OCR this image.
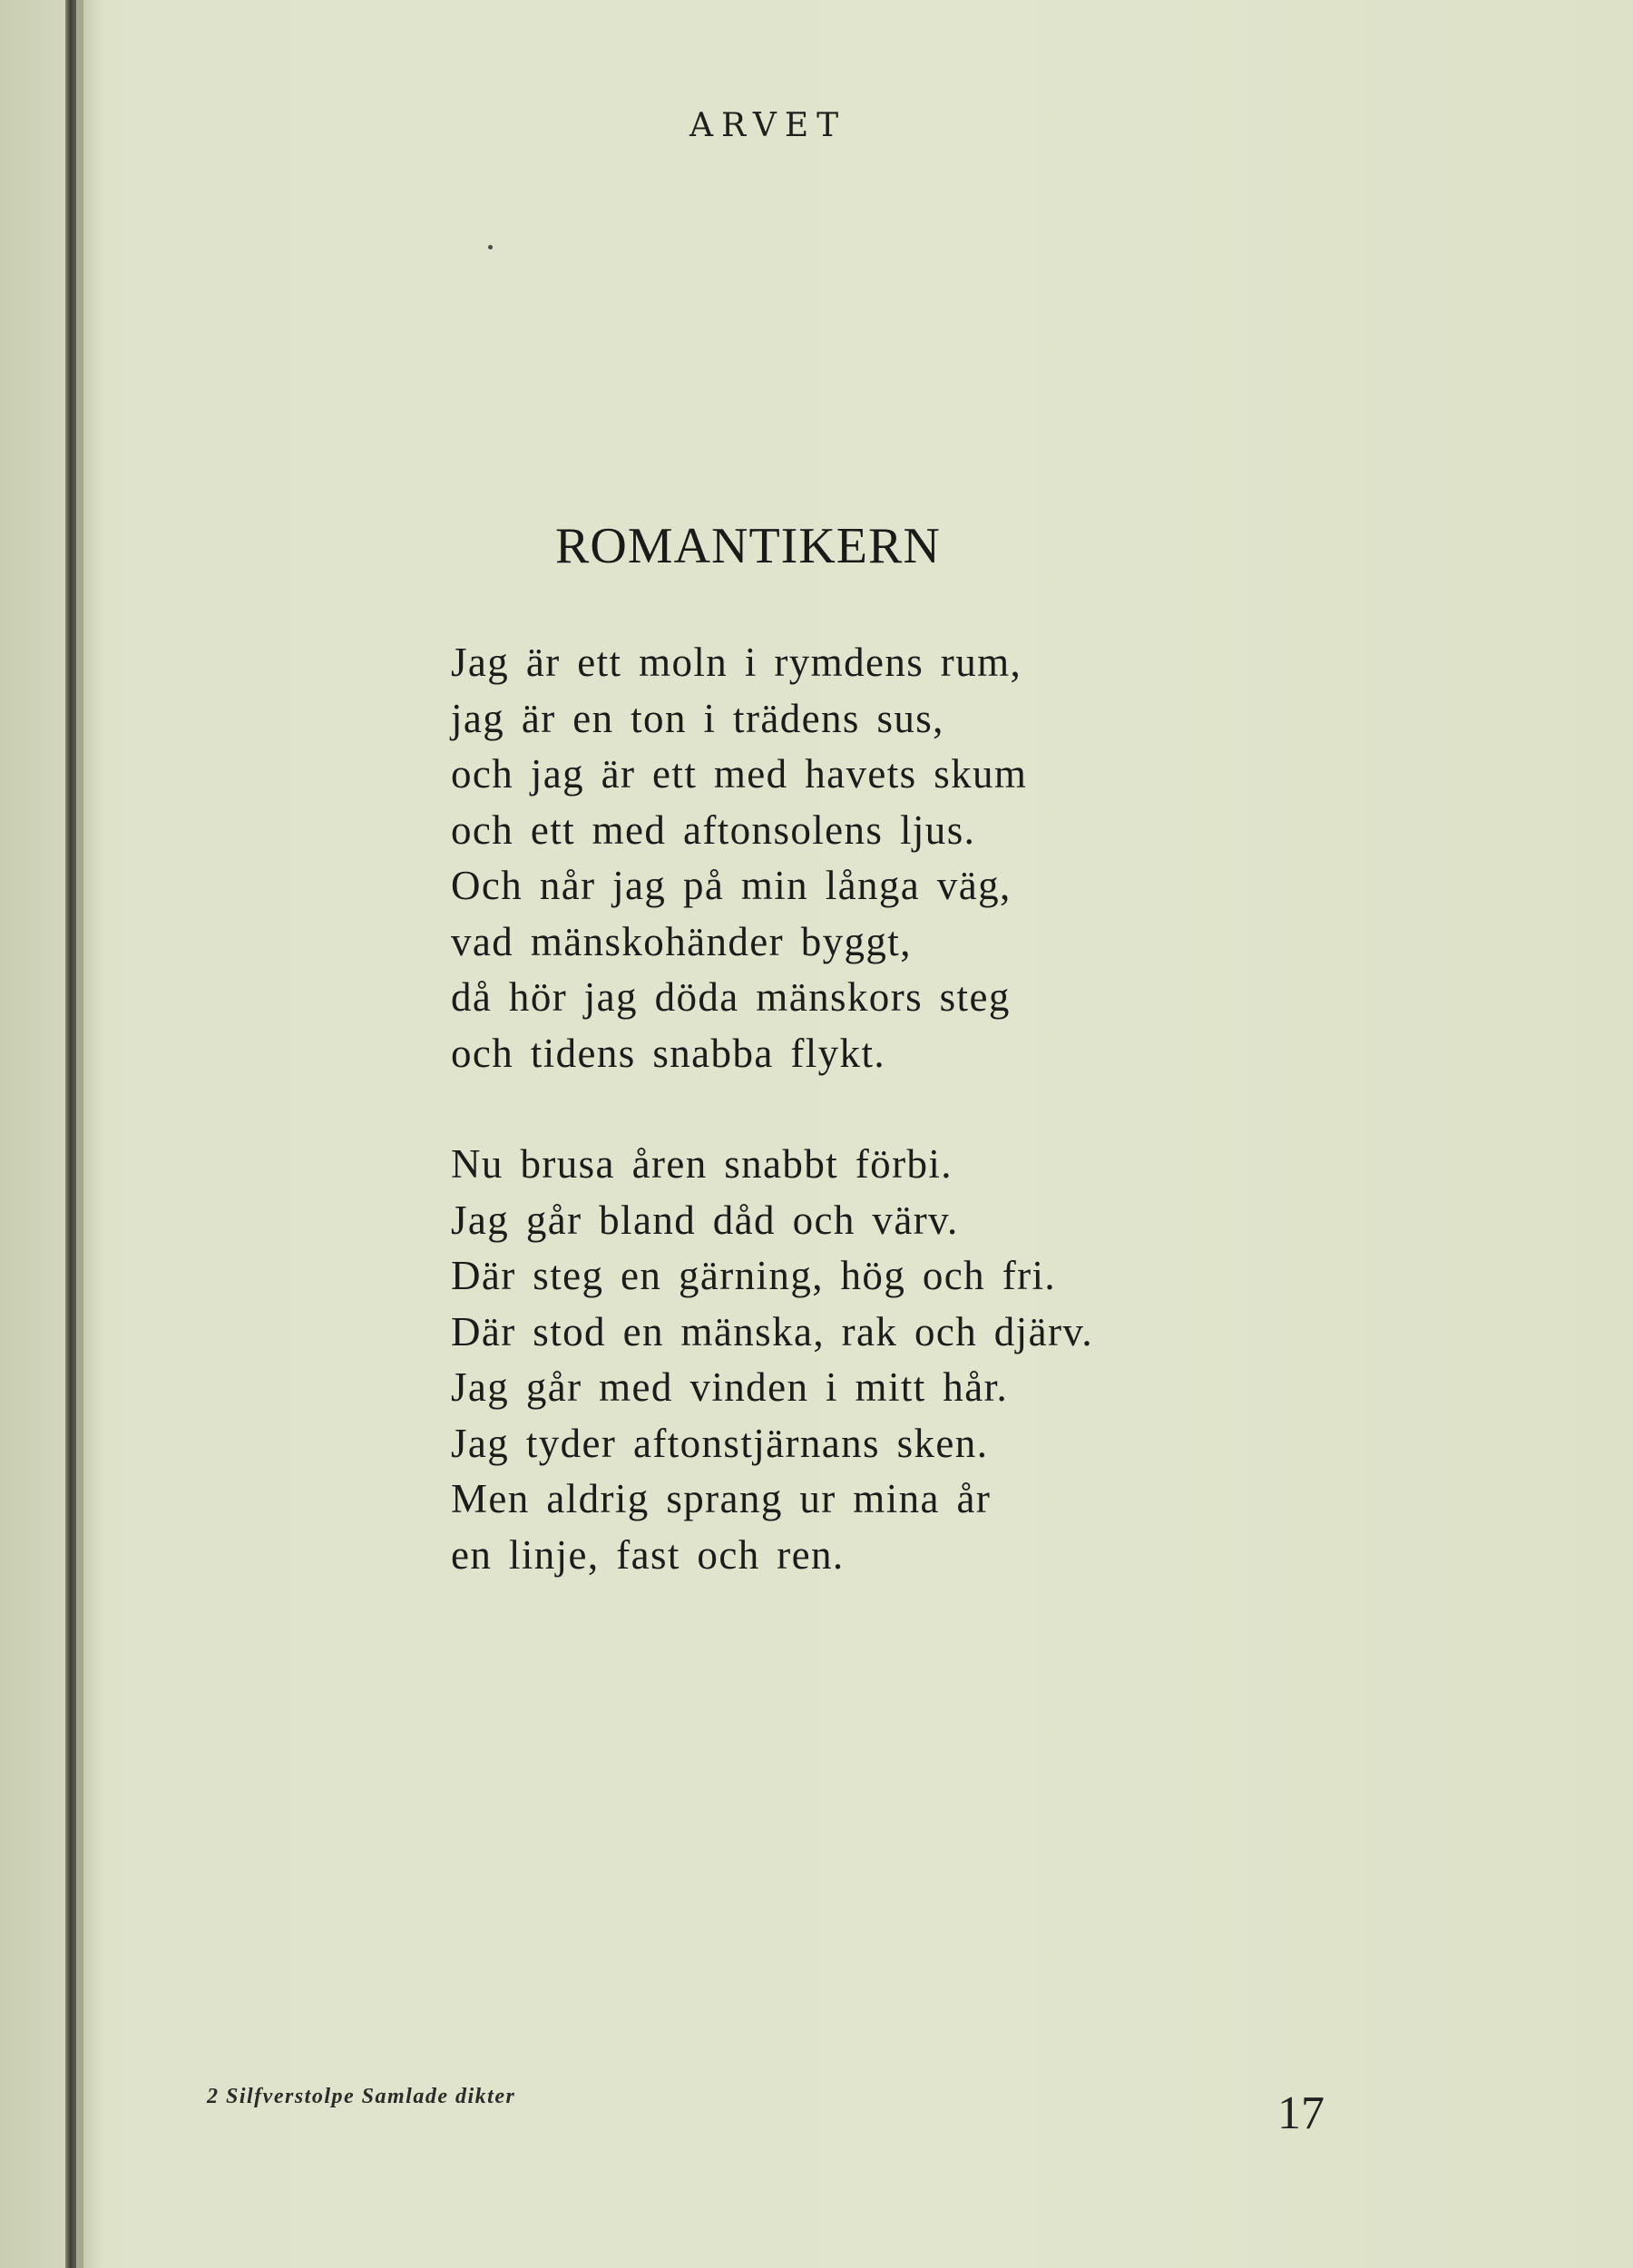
ARVET
ROMANTIKERN
Jag är ett moln i rymdens rum,
jag är en ton i trädens sus,
och jag är ett med havets skum
och ett med aftonsolens ljus.
Och når jag på min långa väg,
vad mänskohänder byggt,
då hör jag döda mänskors steg
och tidens snabba flykt.
Nu brusa åren snabbt förbi.
Jag går bland dåd och värv.
Där steg en gärning, hög och fri.
Där stod en mänska, rak och djärv.
Jag går med vinden i mitt hår.
Jag tyder aftonstjärnans sken.
Men aldrig sprang ur mina år
en linje, fast och ren.
2 Silfverstolpe Samlade dikter	17
